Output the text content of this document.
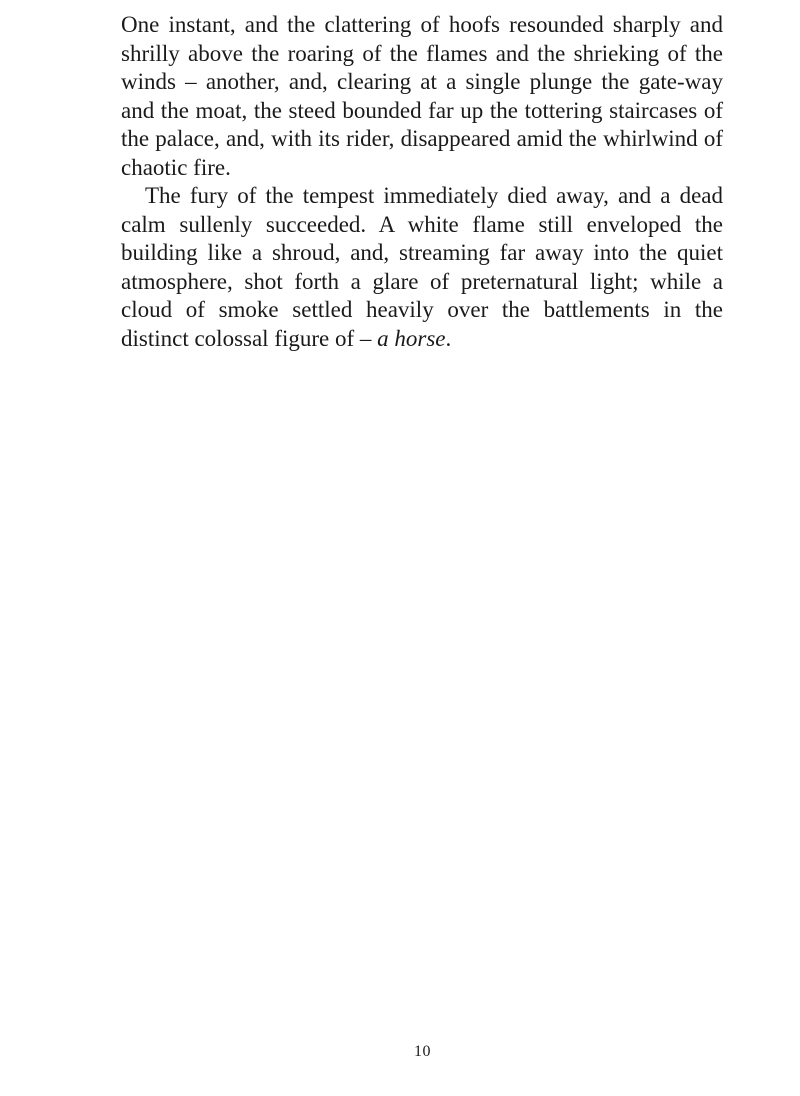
One instant, and the clattering of hoofs resounded sharply and shrilly above the roaring of the flames and the shrieking of the winds – another, and, clearing at a single plunge the gate-way and the moat, the steed bounded far up the tottering staircases of the palace, and, with its rider, disappeared amid the whirlwind of chaotic fire.

The fury of the tempest immediately died away, and a dead calm sullenly succeeded. A white flame still enveloped the building like a shroud, and, streaming far away into the quiet atmosphere, shot forth a glare of preternatural light; while a cloud of smoke settled heavily over the battlements in the distinct colossal figure of – a horse.

10
